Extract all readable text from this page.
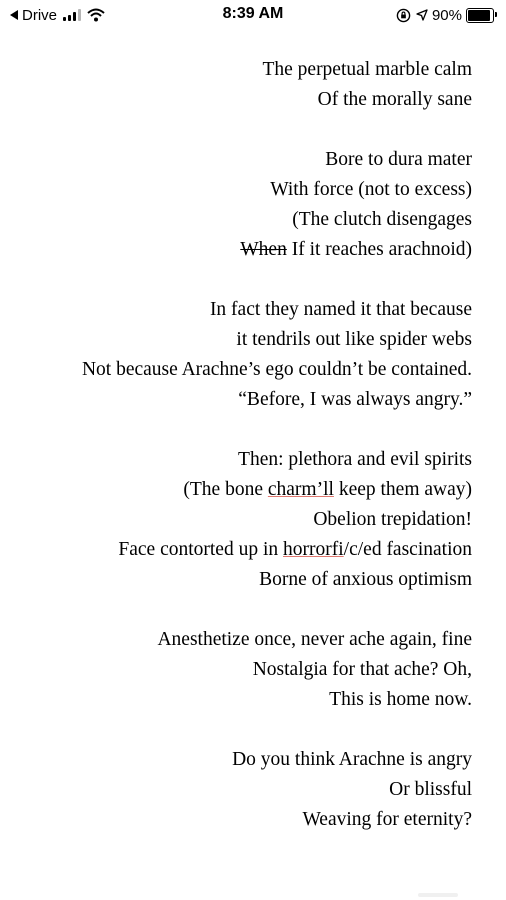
Drive	8:39 AM	90%
The perpetual marble calm
Of the morally sane
Bore to dura mater
With force (not to excess)
(The clutch disengages
When If it reaches arachnoid)
In fact they named it that because
it tendrils out like spider webs
Not because Arachne’s ego couldn’t be contained.
“Before, I was always angry.”
Then: plethora and evil spirits
(The bone charm’ll keep them away)
Obelion trepidation!
Face contorted up in horrorfi/c/ed fascination
Borne of anxious optimism
Anesthetize once, never ache again, fine
Nostalgia for that ache? Oh,
This is home now.
Do you think Arachne is angry
Or blissful
Weaving for eternity?
